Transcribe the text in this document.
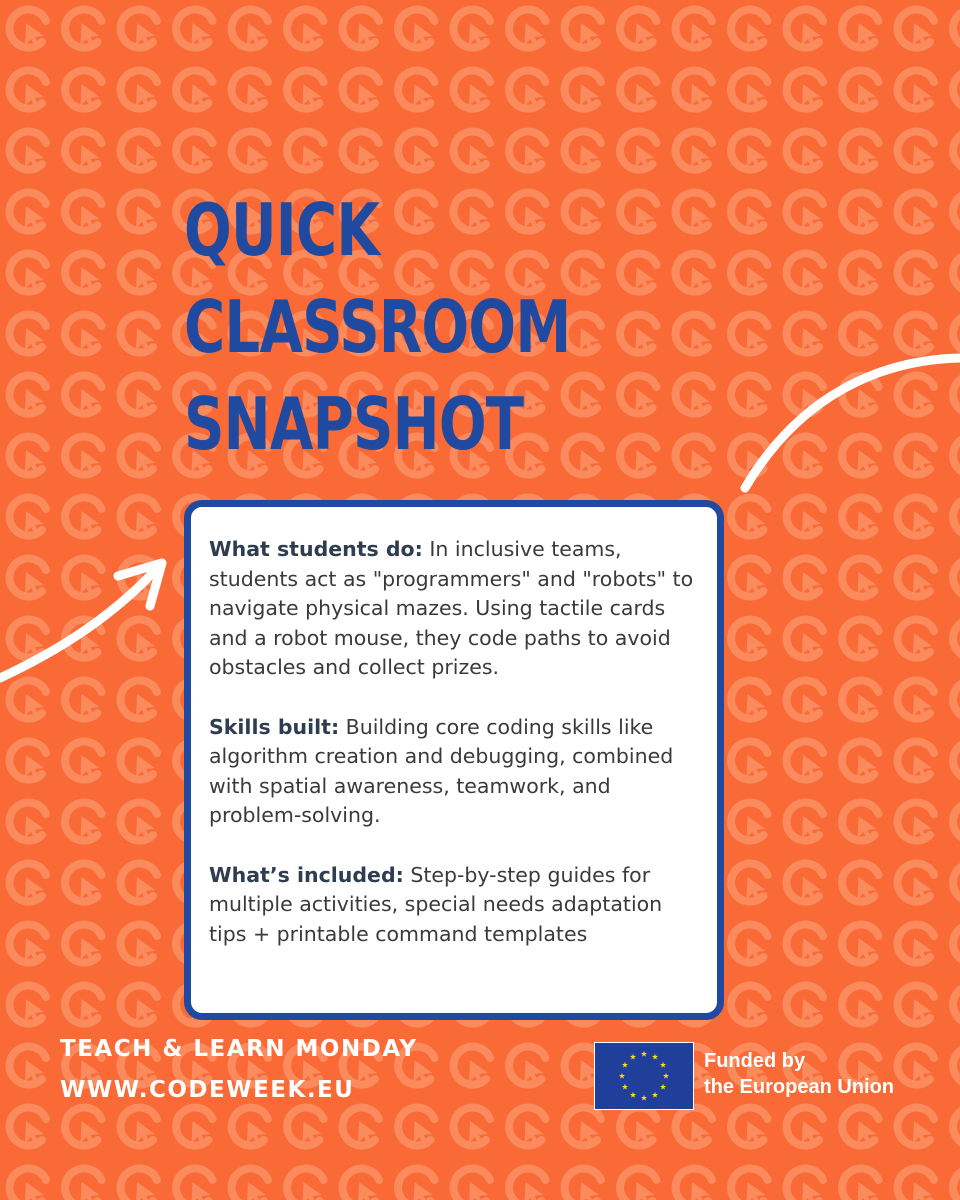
QUICK
CLASSROOM
SNAPSHOT

What students do: In inclusive teams, students act as "programmers" and "robots" to navigate physical mazes. Using tactile cards and a robot mouse, they code paths to avoid obstacles and collect prizes.

Skills built: Building core coding skills like algorithm creation and debugging, combined with spatial awareness, teamwork, and problem-solving.

What’s included: Step-by-step guides for multiple activities, special needs adaptation tips + printable command templates

TEACH & LEARN MONDAY
WWW.CODEWEEK.EU
Funded by
the European Union
